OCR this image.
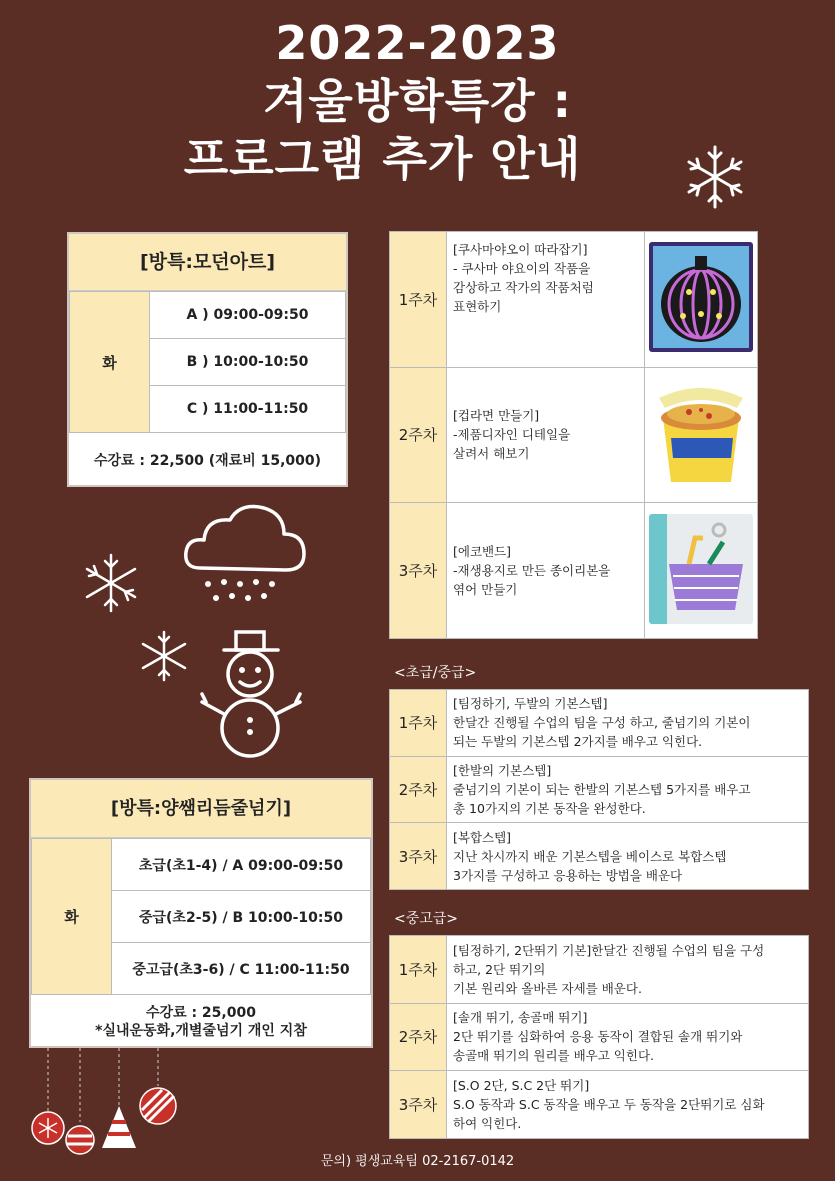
2022-2023
겨울방학특강 :
프로그램 추가 안내
[방특:모던아트]
화	A ) 09:00-09:50
B ) 10:00-10:50
C ) 11:00-11:50
수강료 : 22,500 (재료비 15,000)
1주차	[쿠사마야오이 따라잡기]
- 쿠사마 야요이의 작품을
감상하고 작가의 작품처럼
표현하기	
2주차	[컵라면 만들기]
-제품디자인 디테일을
살려서 해보기	
3주차	[에코밴드]
-재생용지로 만든 종이리본을
엮어 만들기	
<초급/중급>
1주차	[팀정하기, 두발의 기본스텝]
한달간 진행될 수업의 팀을 구성 하고, 줄넘기의 기본이
되는 두발의 기본스텝 2가지를 배우고 익힌다.
2주차	[한발의 기본스텝]
줄넘기의 기본이 되는 한발의 기본스텝 5가지를 배우고
총 10가지의 기본 동작을 완성한다.
3주차	[복합스텝]
지난 차시까지 배운 기본스텝을 베이스로 복합스텝
3가지를 구성하고 응용하는 방법을 배운다
[방특:양쌤리듬줄넘기]
화	초급(초1-4) / A 09:00-09:50
중급(초2-5) / B 10:00-10:50
중고급(초3-6) / C 11:00-11:50
수강료 : 25,000
*실내운동화,개별줄넘기 개인 지참
<중고급>
1주차	[팀정하기, 2단뛰기 기본]한달간 진행될 수업의 팀을 구성
하고, 2단 뛰기의
기본 원리와 올바른 자세를 배운다.
2주차	[솔개 뛰기, 송골매 뛰기]
2단 뛰기를 심화하여 응용 동작이 결합된 솔개 뛰기와
송골매 뛰기의 원리를 배우고 익힌다.
3주차	[S.O 2단, S.C 2단 뛰기]
S.O 동작과 S.C 동작을 배우고 두 동작을 2단뛰기로 심화
하여 익힌다.
문의) 평생교육팀 02-2167-0142
